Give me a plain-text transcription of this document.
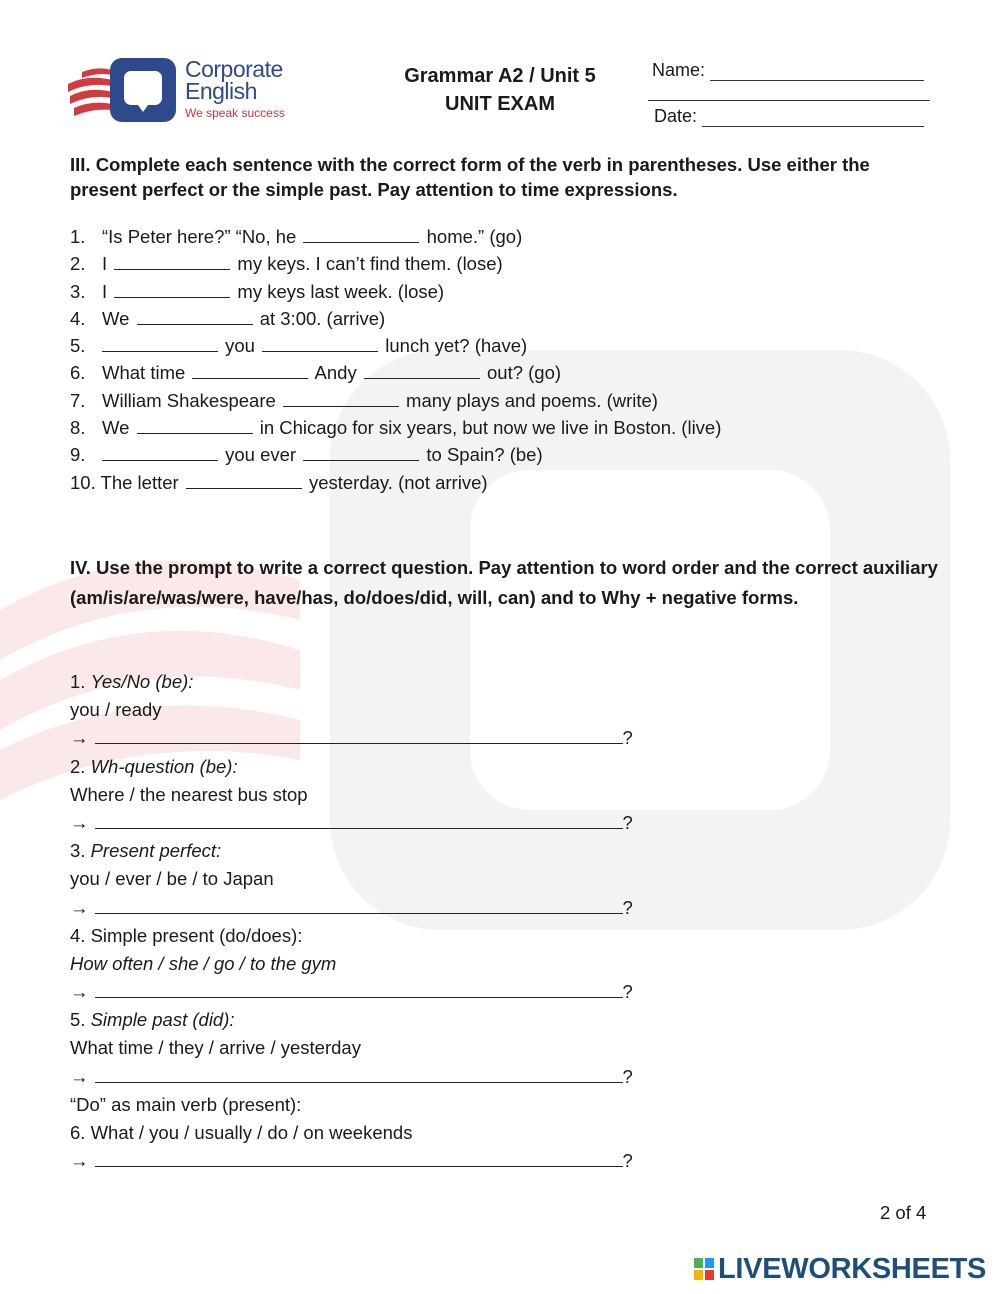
Corporate
English
We speak success
Grammar A2 / Unit 5
UNIT EXAM
Name:
Date:
III. Complete each sentence with the correct form of the verb in parentheses. Use either the present perfect or the simple past. Pay attention to time expressions.
1. “Is Peter here?” “No, he	home.” (go)
2. I	my keys. I can’t find them. (lose)
3. I	my keys last week. (lose)
4. We	at 3:00. (arrive)
5.	you	lunch yet? (have)
6. What time	Andy	out? (go)
7. William Shakespeare	many plays and poems. (write)
8. We	in Chicago for six years, but now we live in Boston. (live)
9.	you ever	to Spain? (be)
10. The letter	yesterday. (not arrive)
IV. Use the prompt to write a correct question. Pay attention to word order and the correct auxiliary (am/is/are/was/were, have/has, do/does/did, will, can) and to Why + negative forms.
1. Yes/No (be):
you / ready
→	?
2. Wh-question (be):
Where / the nearest bus stop
→	?
3. Present perfect:
you / ever / be / to Japan
→	?
4. Simple present (do/does):
How often / she / go / to the gym
→	?
5. Simple past (did):
What time / they / arrive / yesterday
→	?
“Do” as main verb (present):
6. What / you / usually / do / on weekends
→	?
2 of 4
LIVEWORKSHEETS
